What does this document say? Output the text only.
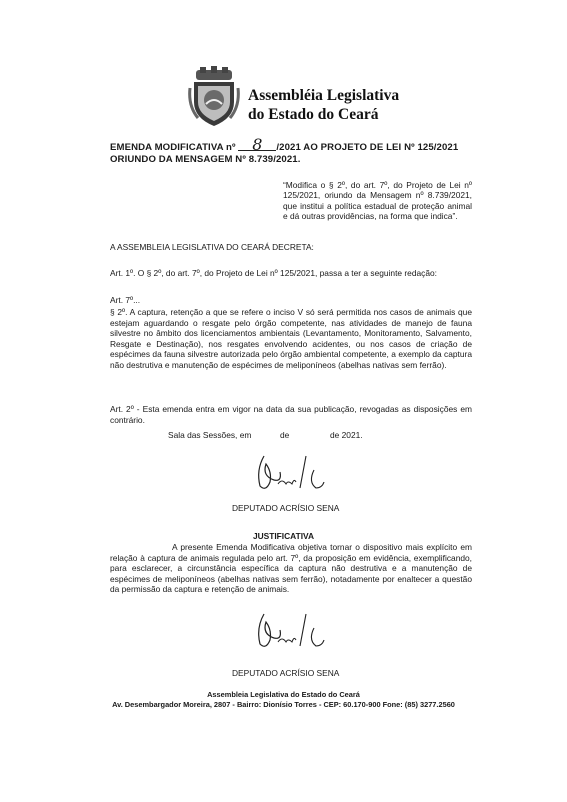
Assembléia Legislativa
do Estado do Ceará
EMENDA MODIFICATIVA nº 8 /2021 AO PROJETO DE LEI Nº 125/2021
ORIUNDO DA MENSAGEM Nº 8.739/2021.
“Modifica o § 2º, do art. 7º, do Projeto de Lei nº 125/2021, oriundo da Mensagem nº 8.739/2021, que institui a política estadual de proteção animal e dá outras providências, na forma que indica”.
A ASSEMBLEIA LEGISLATIVA DO CEARÁ DECRETA:
Art. 1º. O § 2º, do art. 7º, do Projeto de Lei nº 125/2021, passa a ter a seguinte redação:
Art. 7º...
§ 2º. A captura, retenção a que se refere o inciso V só será permitida nos casos de animais que estejam aguardando o resgate pelo órgão competente, nas atividades de manejo de fauna silvestre no âmbito dos licenciamentos ambientais (Levantamento, Monitoramento, Salvamento, Resgate e Destinação), nos resgates envolvendo acidentes, ou nos casos de criação de espécimes da fauna silvestre autorizada pelo órgão ambiental competente, a exemplo da captura não destrutiva e manutenção de espécimes de meliponíneos (abelhas nativas sem ferrão).
Art. 2º - Esta emenda entra em vigor na data da sua publicação, revogadas as disposições em contrário.
Sala das Sessões, em	de	de 2021.
DEPUTADO ACRÍSIO SENA
JUSTIFICATIVA
A presente Emenda Modificativa objetiva tornar o dispositivo mais explícito em relação à captura de animais regulada pelo art. 7º, da proposição em evidência, exemplificando, para esclarecer, a circunstância específica da captura não destrutiva e a manutenção de espécimes de meliponíneos (abelhas nativas sem ferrão), notadamente por enaltecer a questão da permissão da captura e retenção de animais.
DEPUTADO ACRÍSIO SENA
Assembleia Legislativa do Estado do Ceará
Av. Desembargador Moreira, 2807 - Bairro: Dionísio Torres - CEP: 60.170-900 Fone: (85) 3277.2560
